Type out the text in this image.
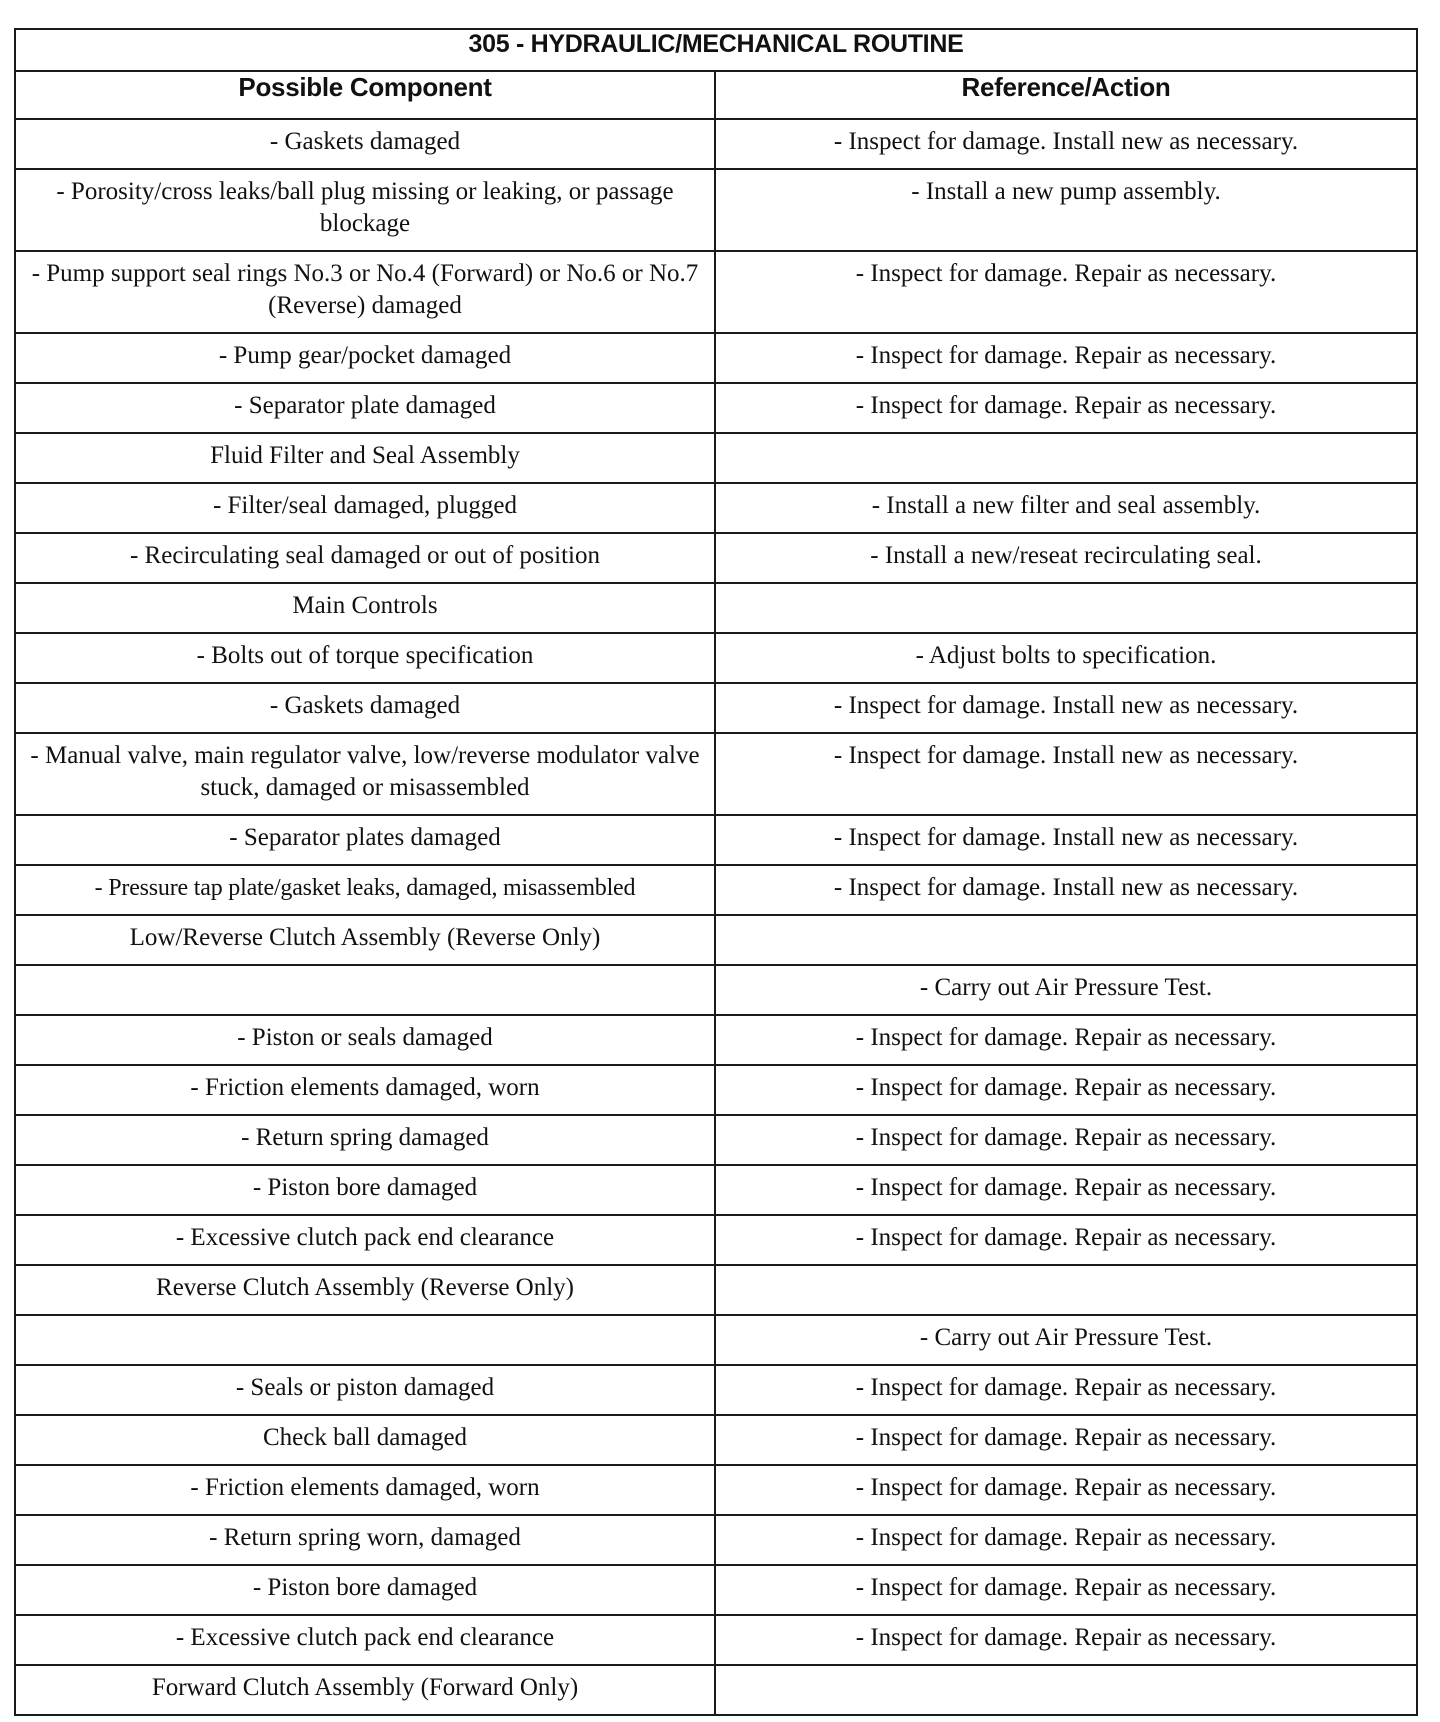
305 - HYDRAULIC/MECHANICAL ROUTINE	
Possible Component	Reference/Action
- Gaskets damaged	- Inspect for damage. Install new as necessary.
- Porosity/cross leaks/ball plug missing or leaking, or passage blockage	- Install a new pump assembly.
- Pump support seal rings No.3 or No.4 (Forward) or No.6 or No.7 (Reverse) damaged	- Inspect for damage. Repair as necessary.
- Pump gear/pocket damaged	- Inspect for damage. Repair as necessary.
- Separator plate damaged	- Inspect for damage. Repair as necessary.
Fluid Filter and Seal Assembly	
- Filter/seal damaged, plugged	- Install a new filter and seal assembly.
- Recirculating seal damaged or out of position	- Install a new/reseat recirculating seal.
Main Controls	
- Bolts out of torque specification	- Adjust bolts to specification.
- Gaskets damaged	- Inspect for damage. Install new as necessary.
- Manual valve, main regulator valve, low/reverse modulator valve stuck, damaged or misassembled	- Inspect for damage. Install new as necessary.
- Separator plates damaged	- Inspect for damage. Install new as necessary.
- Pressure tap plate/gasket leaks, damaged, misassembled	- Inspect for damage. Install new as necessary.
Low/Reverse Clutch Assembly (Reverse Only)	
	- Carry out Air Pressure Test.
- Piston or seals damaged	- Inspect for damage. Repair as necessary.
- Friction elements damaged, worn	- Inspect for damage. Repair as necessary.
- Return spring damaged	- Inspect for damage. Repair as necessary.
- Piston bore damaged	- Inspect for damage. Repair as necessary.
- Excessive clutch pack end clearance	- Inspect for damage. Repair as necessary.
Reverse Clutch Assembly (Reverse Only)	
	- Carry out Air Pressure Test.
- Seals or piston damaged	- Inspect for damage. Repair as necessary.
Check ball damaged	- Inspect for damage. Repair as necessary.
- Friction elements damaged, worn	- Inspect for damage. Repair as necessary.
- Return spring worn, damaged	- Inspect for damage. Repair as necessary.
- Piston bore damaged	- Inspect for damage. Repair as necessary.
- Excessive clutch pack end clearance	- Inspect for damage. Repair as necessary.
Forward Clutch Assembly (Forward Only)	
